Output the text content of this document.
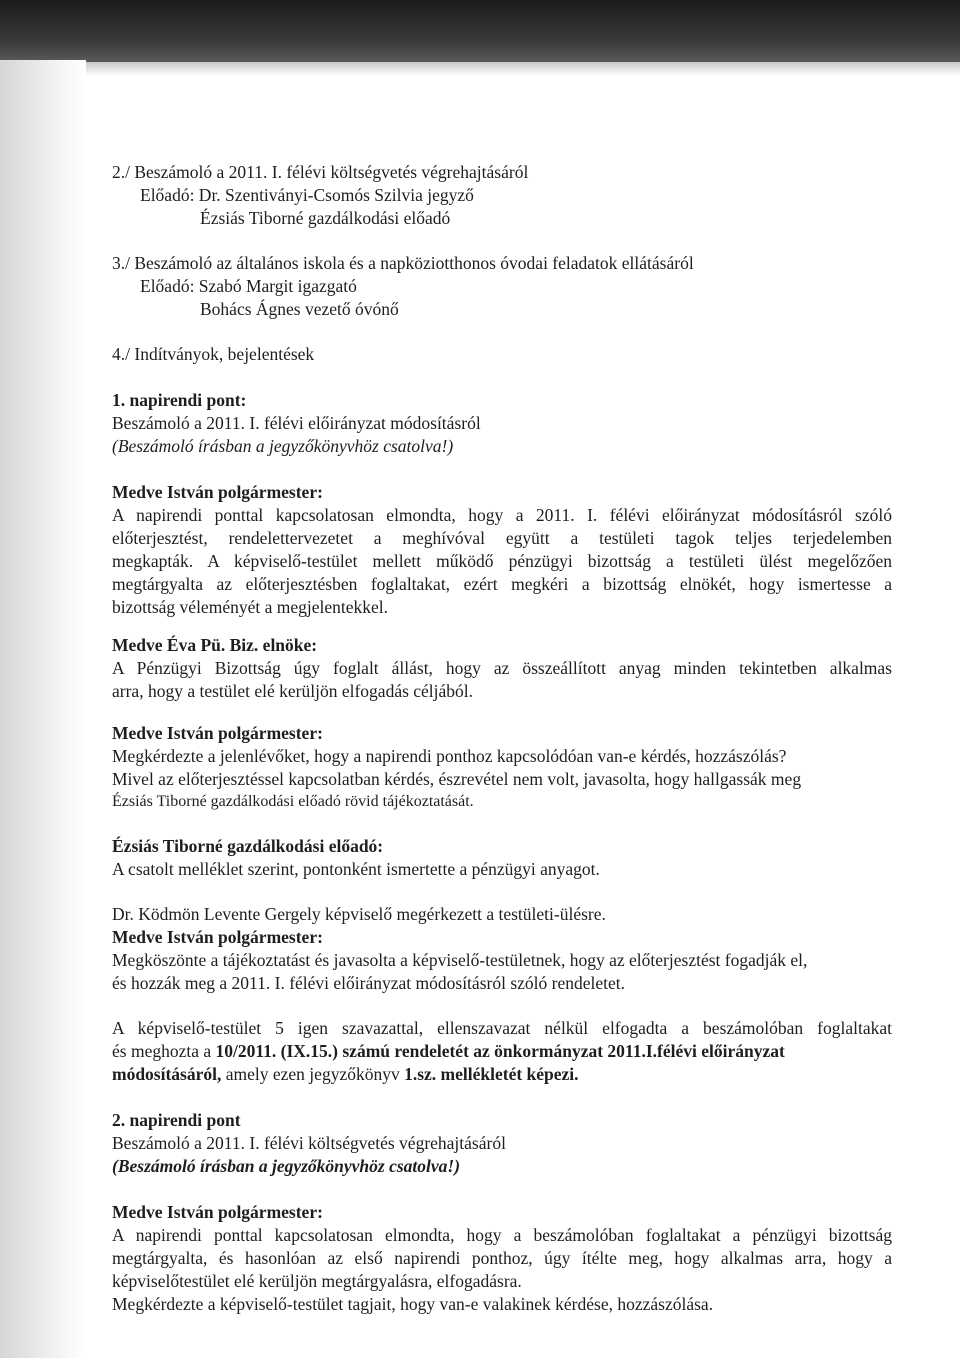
2./ Beszámoló a 2011. I. félévi költségvetés végrehajtásáról
Előadó: Dr. Szentiványi-Csomós Szilvia jegyző
Ézsiás Tiborné gazdálkodási előadó
3./ Beszámoló az általános iskola és a napköziotthonos óvodai feladatok ellátásáról
Előadó: Szabó Margit igazgató
Bohács Ágnes vezető óvónő
4./ Indítványok, bejelentések
1. napirendi pont:
Beszámoló a 2011. I. félévi előirányzat módosításról
(Beszámoló írásban a jegyzőkönyvhöz csatolva!)
Medve István polgármester:
A napirendi ponttal kapcsolatosan elmondta, hogy a 2011. I. félévi előirányzat módosításról szóló
előterjesztést, rendelettervezetet a meghívóval együtt a testületi tagok teljes terjedelemben
megkapták. A képviselő-testület mellett működő pénzügyi bizottság a testületi ülést megelőzően
megtárgyalta az előterjesztésben foglaltakat, ezért megkéri a bizottság elnökét, hogy ismertesse a
bizottság véleményét a megjelentekkel.
Medve Éva Pü. Biz. elnöke:
A Pénzügyi Bizottság úgy foglalt állást, hogy az összeállított anyag minden tekintetben alkalmas
arra, hogy a testület elé kerüljön elfogadás céljából.
Medve István polgármester:
Megkérdezte a jelenlévőket, hogy a napirendi ponthoz kapcsolódóan van-e kérdés, hozzászólás?
Mivel az előterjesztéssel kapcsolatban kérdés, észrevétel nem volt, javasolta, hogy hallgassák meg
Ézsiás Tiborné gazdálkodási előadó rövid tájékoztatását.
Ézsiás Tiborné gazdálkodási előadó:
A csatolt melléklet szerint, pontonként ismertette a pénzügyi anyagot.
Dr. Ködmön Levente Gergely képviselő megérkezett a testületi-ülésre.
Medve István polgármester:
Megköszönte a tájékoztatást és javasolta a képviselő-testületnek, hogy az előterjesztést fogadják el,
és hozzák meg a 2011. I. félévi előirányzat módosításról szóló rendeletet.
A képviselő-testület 5 igen szavazattal, ellenszavazat nélkül elfogadta a beszámolóban foglaltakat
és meghozta a 10/2011. (IX.15.) számú rendeletét az önkormányzat 2011.I.félévi előirányzat
módosításáról, amely ezen jegyzőkönyv 1.sz. mellékletét képezi.
2. napirendi pont
Beszámoló a 2011. I. félévi költségvetés végrehajtásáról
(Beszámoló írásban a jegyzőkönyvhöz csatolva!)
Medve István polgármester:
A napirendi ponttal kapcsolatosan elmondta, hogy a beszámolóban foglaltakat a pénzügyi bizottság
megtárgyalta, és hasonlóan az első napirendi ponthoz, úgy ítélte meg, hogy alkalmas arra, hogy a
képviselőtestület elé kerüljön megtárgyalásra, elfogadásra.
Megkérdezte a képviselő-testület tagjait, hogy van-e valakinek kérdése, hozzászólása.
